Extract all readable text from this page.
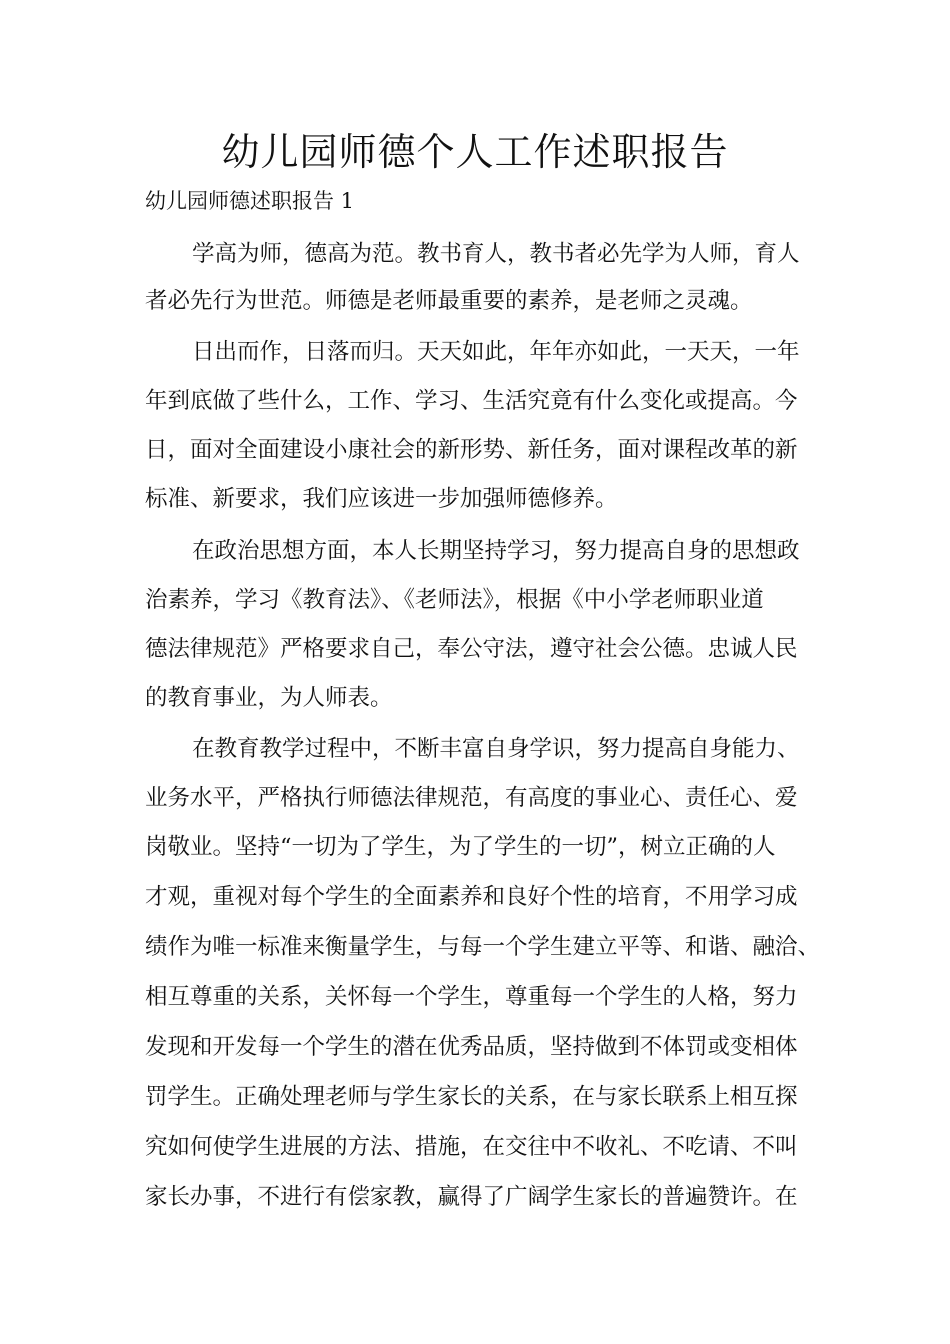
幼儿园师德个人工作述职报告

幼儿园师德述职报告 1

学高为师，德高为范。教书育人，教书者必先学为人师，育人

者必先行为世范。师德是老师最重要的素养，是老师之灵魂。

日出而作，日落而归。天天如此，年年亦如此，一天天，一年

年到底做了些什么，工作、学习、生活究竟有什么变化或提高。今

日，面对全面建设小康社会的新形势、新任务，面对课程改革的新

标准、新要求，我们应该进一步加强师德修养。

在政治思想方面，本人长期坚持学习，努力提高自身的思想政

治素养，学习《教育法》、《老师法》，根据《中小学老师职业道

德法律规范》严格要求自己，奉公守法，遵守社会公德。忠诚人民

的教育事业，为人师表。

在教育教学过程中，不断丰富自身学识，努力提高自身能力、

业务水平，严格执行师德法律规范，有高度的事业心、责任心、爱

岗敬业。坚持“一切为了学生，为了学生的一切”，树立正确的人

才观，重视对每个学生的全面素养和良好个性的培育，不用学习成

绩作为唯一标准来衡量学生，与每一个学生建立平等、和谐、融洽、

相互尊重的关系，关怀每一个学生，尊重每一个学生的人格，努力

发现和开发每一个学生的潜在优秀品质，坚持做到不体罚或变相体

罚学生。正确处理老师与学生家长的关系，在与家长联系上相互探

究如何使学生进展的方法、措施，在交往中不收礼、不吃请、不叫

家长办事，不进行有偿家教，赢得了广阔学生家长的普遍赞许。在
